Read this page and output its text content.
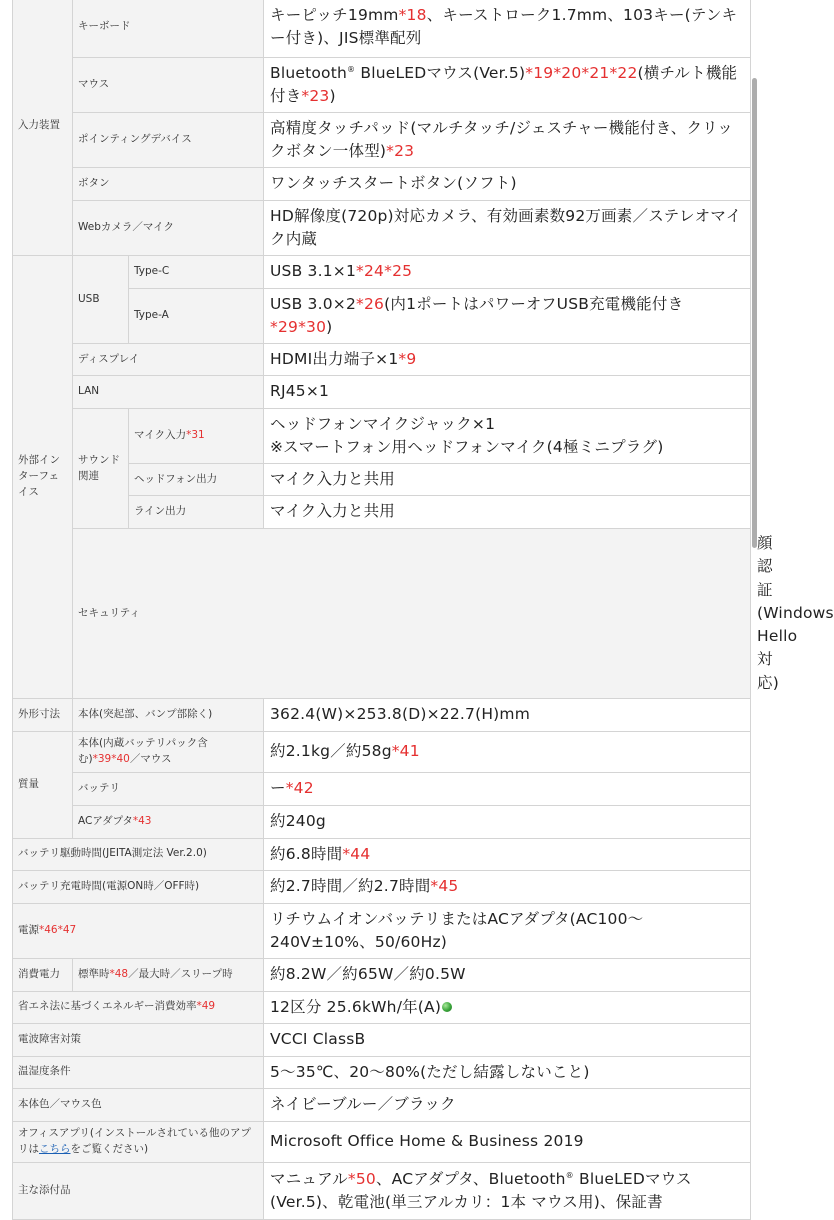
入力装置	キーボード		キーピッチ19mm*18、キーストローク1.7mm、103キー(テンキー付き)、JIS標準配列	
	マウス		Bluetooth® BlueLEDマウス(Ver.5)*19*20*21*22(横チルト機能付き*23)	
	ポインティングデバイス		高精度タッチパッド(マルチタッチ/ジェスチャー機能付き、クリックボタン一体型)*23	
	ボタン		ワンタッチスタートボタン(ソフト)	
	Webカメラ／マイク		HD解像度(720p)対応カメラ、有効画素数92万画素／ステレオマイク内蔵	
外部インターフェイス	USB	Type-C	USB 3.1×1*24*25	
		Type-A	USB 3.0×2*26(内1ポートはパワーオフUSB充電機能付き*29*30)	
	ディスプレイ		HDMI出力端子×1*9	
	LAN		RJ45×1	
	サウンド関連	マイク入力*31	ヘッドフォンマイクジャック×1
※スマートフォン用ヘッドフォンマイク(4極ミニプラグ)	
		ヘッドフォン出力	マイク入力と共用	
		ライン出力	マイク入力と共用	
	セキュリティ			顔認証(Windows Hello対応)
外形寸法	本体(突起部、バンプ部除く)		362.4(W)×253.8(D)×22.7(H)mm	
質量	本体(内蔵バッテリパック含む)*39*40／マウス		約2.1kg／約58g*41	
	バッテリ		ー*42	
	ACアダプタ*43		約240g	
バッテリ駆動時間(JEITA測定法 Ver.2.0)			約6.8時間*44	
バッテリ充電時間(電源ON時／OFF時)			約2.7時間／約2.7時間*45	
電源*46*47			リチウムイオンバッテリまたはACアダプタ(AC100〜240V±10%、50/60Hz)	
消費電力	標準時*48／最大時／スリープ時		約8.2W／約65W／約0.5W	
省エネ法に基づくエネルギー消費効率*49			12区分 25.6kWh/年(A)	
電波障害対策			VCCI ClassB	
温湿度条件			5〜35℃、20〜80%(ただし結露しないこと)	
本体色／マウス色			ネイビーブルー／ブラック	
オフィスアプリ(インストールされている他のアプリはこちらをご覧ください)			Microsoft Office Home & Business 2019	
主な添付品			マニュアル*50、ACアダプタ、Bluetooth® BlueLEDマウス(Ver.5)、乾電池(単三アルカリ：1本 マウス用)、保証書	
